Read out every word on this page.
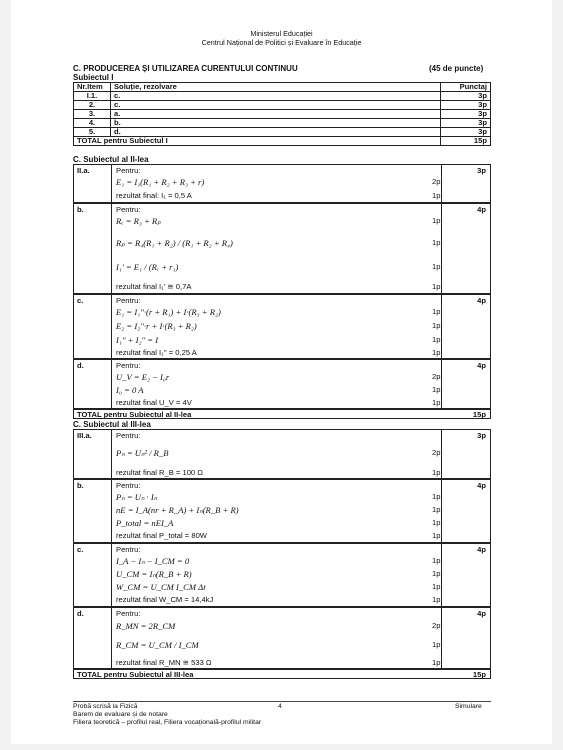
Ministerul Educației
Centrul Național de Politici și Evaluare în Educație
C. PRODUCEREA ȘI UTILIZAREA CURENTULUI CONTINUU	(45 de puncte)
Subiectul I
Nr.Item	Soluție, rezolvare	Punctaj
I.1.	c.	3p
2.	c.	3p
3.	a.	3p
4.	b.	3p
5.	d.	3p
TOTAL pentru Subiectul I		15p
C. Subiectul al II-lea
II.a.	3p
Pentru:
E₁ = I₁(R₁ + R₂ + R₃ + r)	2p
rezultat final: I₁ = 0,5 A	1p
b.	4p
Pentru:
Rₑ = R₃ + Rₚ	1p
Rₚ = R₄(R₁ + R₂) / (R₁ + R₂ + R₄)	1p
I₁' = E₁ / (Rₑ + r₁)	1p
rezultat final I₁' ≅ 0,7A	1p
c.	4p
Pentru:
E₁ = I₁''·(r + R₁) + I·(R₃ + R₂)	1p
E₂ = I₂''·r + I·(R₃ + R₂)	1p
I₁'' + I₂'' = I	1p
rezultat final I₁'' = 0,25 A	1p
d.	4p
Pentru:
U_V = E₂ − I₀r	2p
I₀ = 0 A	1p
rezultat final U_V = 4V	1p
TOTAL pentru Subiectul al II-lea	15p
C. Subiectul al III-lea
III.a.	3p
Pentru:
Pₙ = Uₙ² / R_B	2p
rezultat final R_B = 100 Ω	1p
b.	4p
Pentru:
Pₙ = Uₙ · Iₙ	1p
nE = I_A(nr + R_A) + Iₙ(R_B + R)	1p
P_total = nEI_A	1p
rezultat final P_total = 80W	1p
c.	4p
Pentru:
I_A − Iₙ − I_CM = 0	1p
U_CM = Iₙ(R_B + R)	1p
W_CM = U_CM I_CM Δt	1p
rezultat final W_CM = 14,4kJ	1p
d.	4p
Pentru:
R_MN = 2R_CM	2p
R_CM = U_CM / I_CM	1p
rezultat final R_MN ≅ 533 Ω	1p
TOTAL pentru Subiectul al III-lea	15p
Probă scrisă la Fizică	4	Simulare
Barem de evaluare și de notare
Filiera teoretică – profilul real, Filiera vocațională-profilul militar
